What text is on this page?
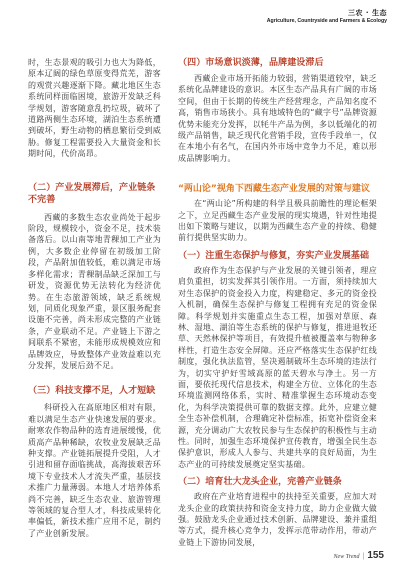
三农 · 生态
Agriculture, Countryside and Farmers & Ecology

时，生态景观的吸引力也大为降低，原本辽阔的绿色草原变得荒芜，游客的观赏兴趣逐渐下降。藏北地区生态系统同样面临困境，旅游开发缺乏科学规划，游客随意乱扔垃圾，破坏了道路两侧生态环境，湖泊生态系统遭到破坏，野生动物的栖息繁衍受到威胁。修复工程需要投入大量资金和长期时间，代价高昂。

（二）产业发展滞后，产业链条不完善

西藏的多数生态农业尚处于起步阶段，规模较小，资金不足，技术装备落后。以山南等地青稞加工产业为例，大多数企业停留在初级加工阶段，产品附加值较低，难以满足市场多样化需求；青稞制品缺乏深加工与研发，资源优势无法转化为经济优势。在生态旅游领域，缺乏系统规划，同质化现象严重，景区服务配套设施不完善，尚未形成完整的产业链条，产业联动不足。产业链上下游之间联系不紧密，未能形成规模效应和品牌效应，导致整体产业效益难以充分发挥，发展后劲不足。

（三）科技支撑不足，人才短缺

科研投入在高原地区相对有限，难以满足生态产业快速发展的要求。耐寒农作物品种的选育进展缓慢，优质高产品种稀缺，农牧业发展缺乏品种支撑。产业链拓展提升受阻，人才引进和留存面临挑战，高海拔艰苦环境下专业技术人才流失严重，基层技术推广力量薄弱。本地人才培养体系尚不完善，缺乏生态农业、旅游管理等领域的复合型人才，科技成果转化率偏低，新技术推广应用不足，制约了产业创新发展。

（四）市场意识淡薄，品牌建设滞后

西藏企业市场开拓能力较弱，营销渠道较窄，缺乏系统化品牌建设的意识。本区生态产品具有广阔的市场空间，但由于长期的传统生产经营理念，产品知名度不高，销售市场狭小。具有地域特色的“藏字号”品牌资源优势未能充分发挥，以牦牛产品为例，多以低端化的初级产品销售，缺乏现代化营销手段，宣传手段单一，仅在本地小有名气，在国内外市场中竞争力不足，难以形成品牌影响力。

“两山论”视角下西藏生态产业发展的对策与建议

在“两山论”所构建的科学且极具前瞻性的理论框架之下，立足西藏生态产业发展的现实境遇，针对性地提出如下策略与建议，以期为西藏生态产业的持续、稳健前行提供坚实助力。

（一）注重生态保护与修复，夯实产业发展基础

政府作为生态保护与产业发展的关键引领者，理应肩负重担，切实发挥其引领作用。一方面，须持续加大对生态保护的资金投入力度，构建稳定、多元的资金投入机制，确保生态保护与修复工程拥有充足的资金保障。科学规划并实施重点生态工程，加强对草原、森林、湿地、湖泊等生态系统的保护与修复，推进退牧还草、天然林保护等项目，有效提升植被覆盖率与物种多样性，打造生态安全屏障。还应严格落实生态保护红线制度，强化执法监管，坚决遏制破坏生态环境的违法行为，切实守护好雪域高原的蓝天碧水与净土。另一方面，要依托现代信息技术，构建全方位、立体化的生态环境监测网络体系，实时、精准掌握生态环境动态变化，为科学决策提供可靠的数据支撑。此外，应建立健全生态补偿机制，合理确定补偿标准，拓宽补偿资金来源，充分调动广大农牧民参与生态保护的积极性与主动性。同时，加强生态环境保护宣传教育，增强全民生态保护意识，形成人人参与、共建共享的良好局面，为生态产业的可持续发展奠定坚实基础。

（二）培育壮大龙头企业，完善产业链条

政府在产业培育进程中的扶持至关重要，应加大对龙头企业的政策扶持和资金支持力度，助力企业做大做强。鼓励龙头企业通过技术创新、品牌建设、兼并重组等方式，提升核心竞争力，发挥示范带动作用，带动产业链上下游协同发展，

New Trend | 155
